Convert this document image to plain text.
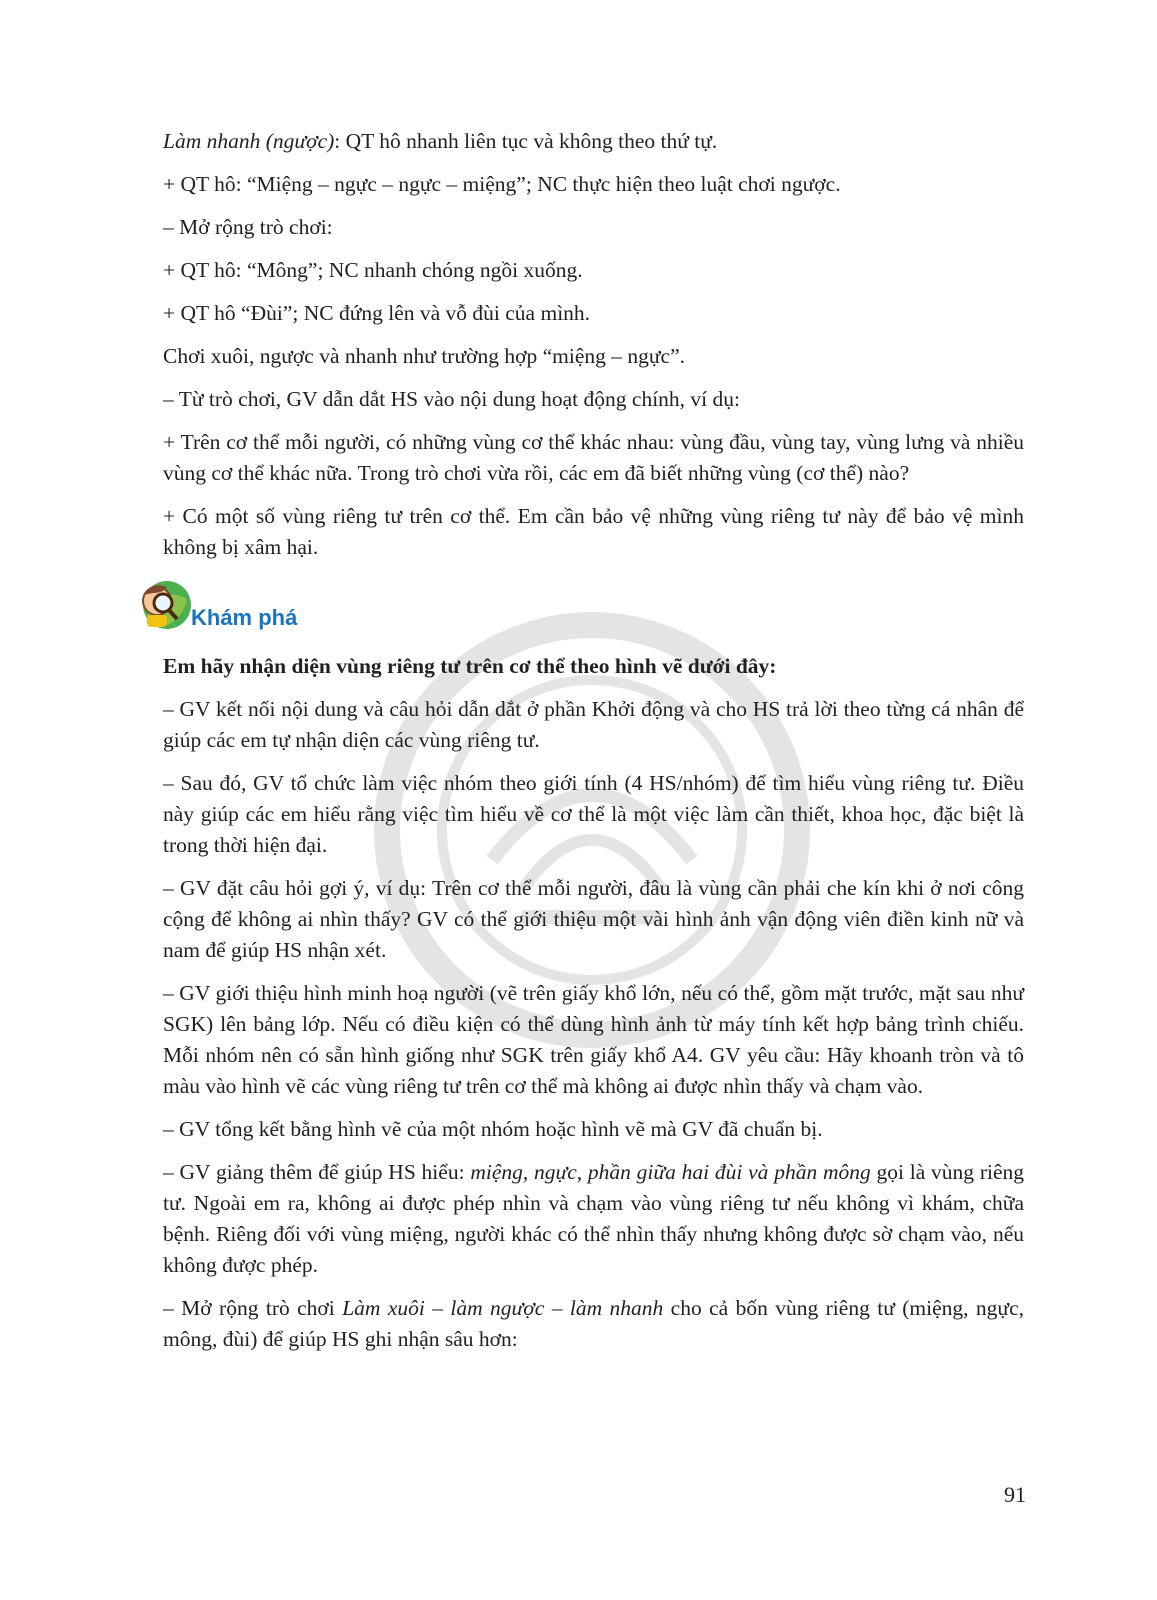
Làm nhanh (ngược): QT hô nhanh liên tục và không theo thứ tự.

+ QT hô: “Miệng – ngực – ngực – miệng”; NC thực hiện theo luật chơi ngược.

– Mở rộng trò chơi:

+ QT hô: “Mông”; NC nhanh chóng ngồi xuống.

+ QT hô “Đùi”; NC đứng lên và vỗ đùi của mình.

Chơi xuôi, ngược và nhanh như trường hợp “miệng – ngực”.

– Từ trò chơi, GV dẫn dắt HS vào nội dung hoạt động chính, ví dụ:

+ Trên cơ thể mỗi người, có những vùng cơ thể khác nhau: vùng đầu, vùng tay, vùng lưng và nhiều vùng cơ thể khác nữa. Trong trò chơi vừa rồi, các em đã biết những vùng (cơ thể) nào?

+ Có một số vùng riêng tư trên cơ thể. Em cần bảo vệ những vùng riêng tư này để bảo vệ mình không bị xâm hại.

Khám phá

Em hãy nhận diện vùng riêng tư trên cơ thể theo hình vẽ dưới đây:

– GV kết nối nội dung và câu hỏi dẫn dắt ở phần Khởi động và cho HS trả lời theo từng cá nhân để giúp các em tự nhận diện các vùng riêng tư.

– Sau đó, GV tổ chức làm việc nhóm theo giới tính (4 HS/nhóm) để tìm hiểu vùng riêng tư. Điều này giúp các em hiểu rằng việc tìm hiểu về cơ thể là một việc làm cần thiết, khoa học, đặc biệt là trong thời hiện đại.

– GV đặt câu hỏi gợi ý, ví dụ: Trên cơ thể mỗi người, đâu là vùng cần phải che kín khi ở nơi công cộng để không ai nhìn thấy? GV có thể giới thiệu một vài hình ảnh vận động viên điền kinh nữ và nam để giúp HS nhận xét.

– GV giới thiệu hình minh hoạ người (vẽ trên giấy khổ lớn, nếu có thể, gồm mặt trước, mặt sau như SGK) lên bảng lớp. Nếu có điều kiện có thể dùng hình ảnh từ máy tính kết hợp bảng trình chiếu. Mỗi nhóm nên có sẵn hình giống như SGK trên giấy khổ A4. GV yêu cầu: Hãy khoanh tròn và tô màu vào hình vẽ các vùng riêng tư trên cơ thể mà không ai được nhìn thấy và chạm vào.

– GV tổng kết bằng hình vẽ của một nhóm hoặc hình vẽ mà GV đã chuẩn bị.

– GV giảng thêm để giúp HS hiểu: miệng, ngực, phần giữa hai đùi và phần mông gọi là vùng riêng tư. Ngoài em ra, không ai được phép nhìn và chạm vào vùng riêng tư nếu không vì khám, chữa bệnh. Riêng đối với vùng miệng, người khác có thể nhìn thấy nhưng không được sờ chạm vào, nếu không được phép.

– Mở rộng trò chơi Làm xuôi – làm ngược – làm nhanh cho cả bốn vùng riêng tư (miệng, ngực, mông, đùi) để giúp HS ghi nhận sâu hơn:

91
